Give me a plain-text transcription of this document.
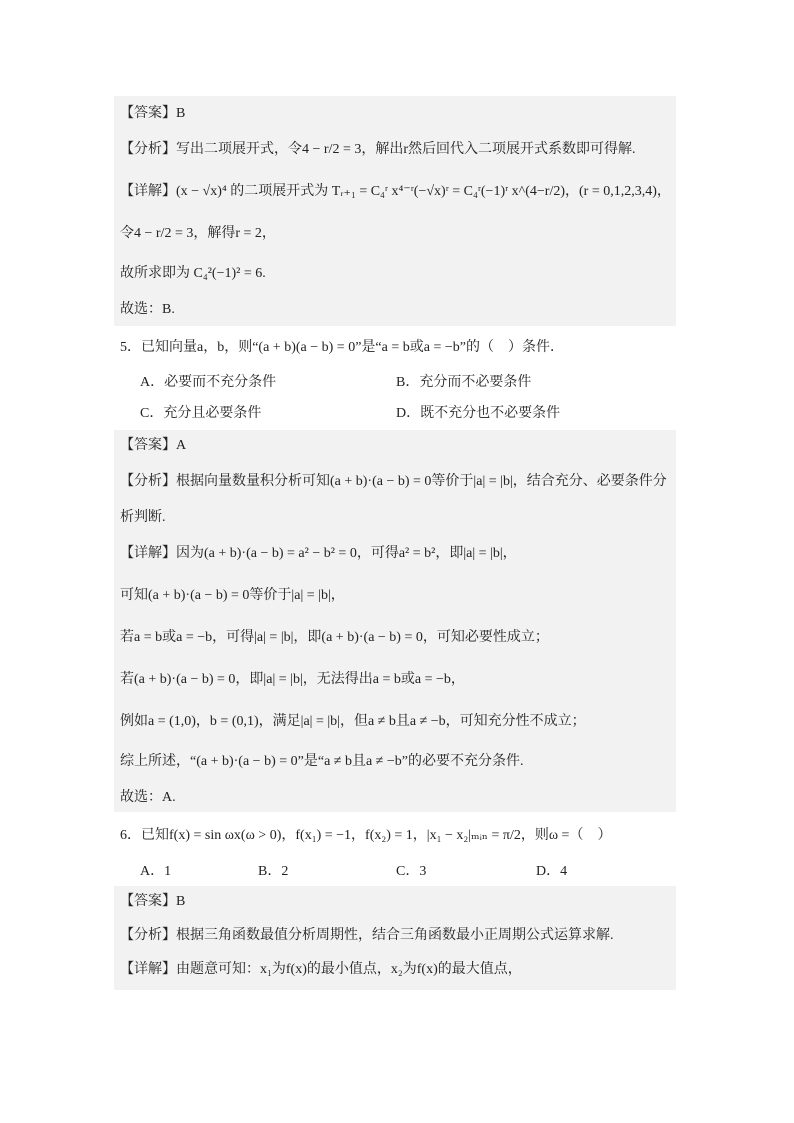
【答案】B
【分析】写出二项展开式，令4 − r/2 = 3，解出r然后回代入二项展开式系数即可得解.
【详解】(x − √x)⁴ 的二项展开式为 Tᵣ₊₁ = C₄ʳ x⁴⁻ʳ(−√x)ʳ = C₄ʳ(−1)ʳ x^(4−r/2)，(r = 0,1,2,3,4)，
令4 − r/2 = 3，解得r = 2，
故所求即为 C₄²(−1)² = 6.
故选：B.
5．已知向量a，b，则“(a + b)(a − b) = 0”是“a = b或a = −b”的（　）条件．
A．必要而不充分条件	B．充分而不必要条件
C．充分且必要条件	D．既不充分也不必要条件
【答案】A
【分析】根据向量数量积分析可知(a + b)·(a − b) = 0等价于|a| = |b|，结合充分、必要条件分
析判断.
【详解】因为(a + b)·(a − b) = a² − b² = 0，可得a² = b²，即|a| = |b|，
可知(a + b)·(a − b) = 0等价于|a| = |b|，
若a = b或a = −b，可得|a| = |b|，即(a + b)·(a − b) = 0，可知必要性成立；
若(a + b)·(a − b) = 0，即|a| = |b|，无法得出a = b或a = −b，
例如a = (1,0)，b = (0,1)，满足|a| = |b|，但a ≠ b且a ≠ −b，可知充分性不成立；
综上所述，“(a + b)·(a − b) = 0”是“a ≠ b且a ≠ −b”的必要不充分条件.
故选：A.
6．已知f(x) = sin ωx(ω > 0)，f(x₁) = −1，f(x₂) = 1，|x₁ − x₂|ₘᵢₙ = π/2，则ω =（　）
A．1	B．2	C．3	D．4
【答案】B
【分析】根据三角函数最值分析周期性，结合三角函数最小正周期公式运算求解.
【详解】由题意可知：x₁为f(x)的最小值点，x₂为f(x)的最大值点，
